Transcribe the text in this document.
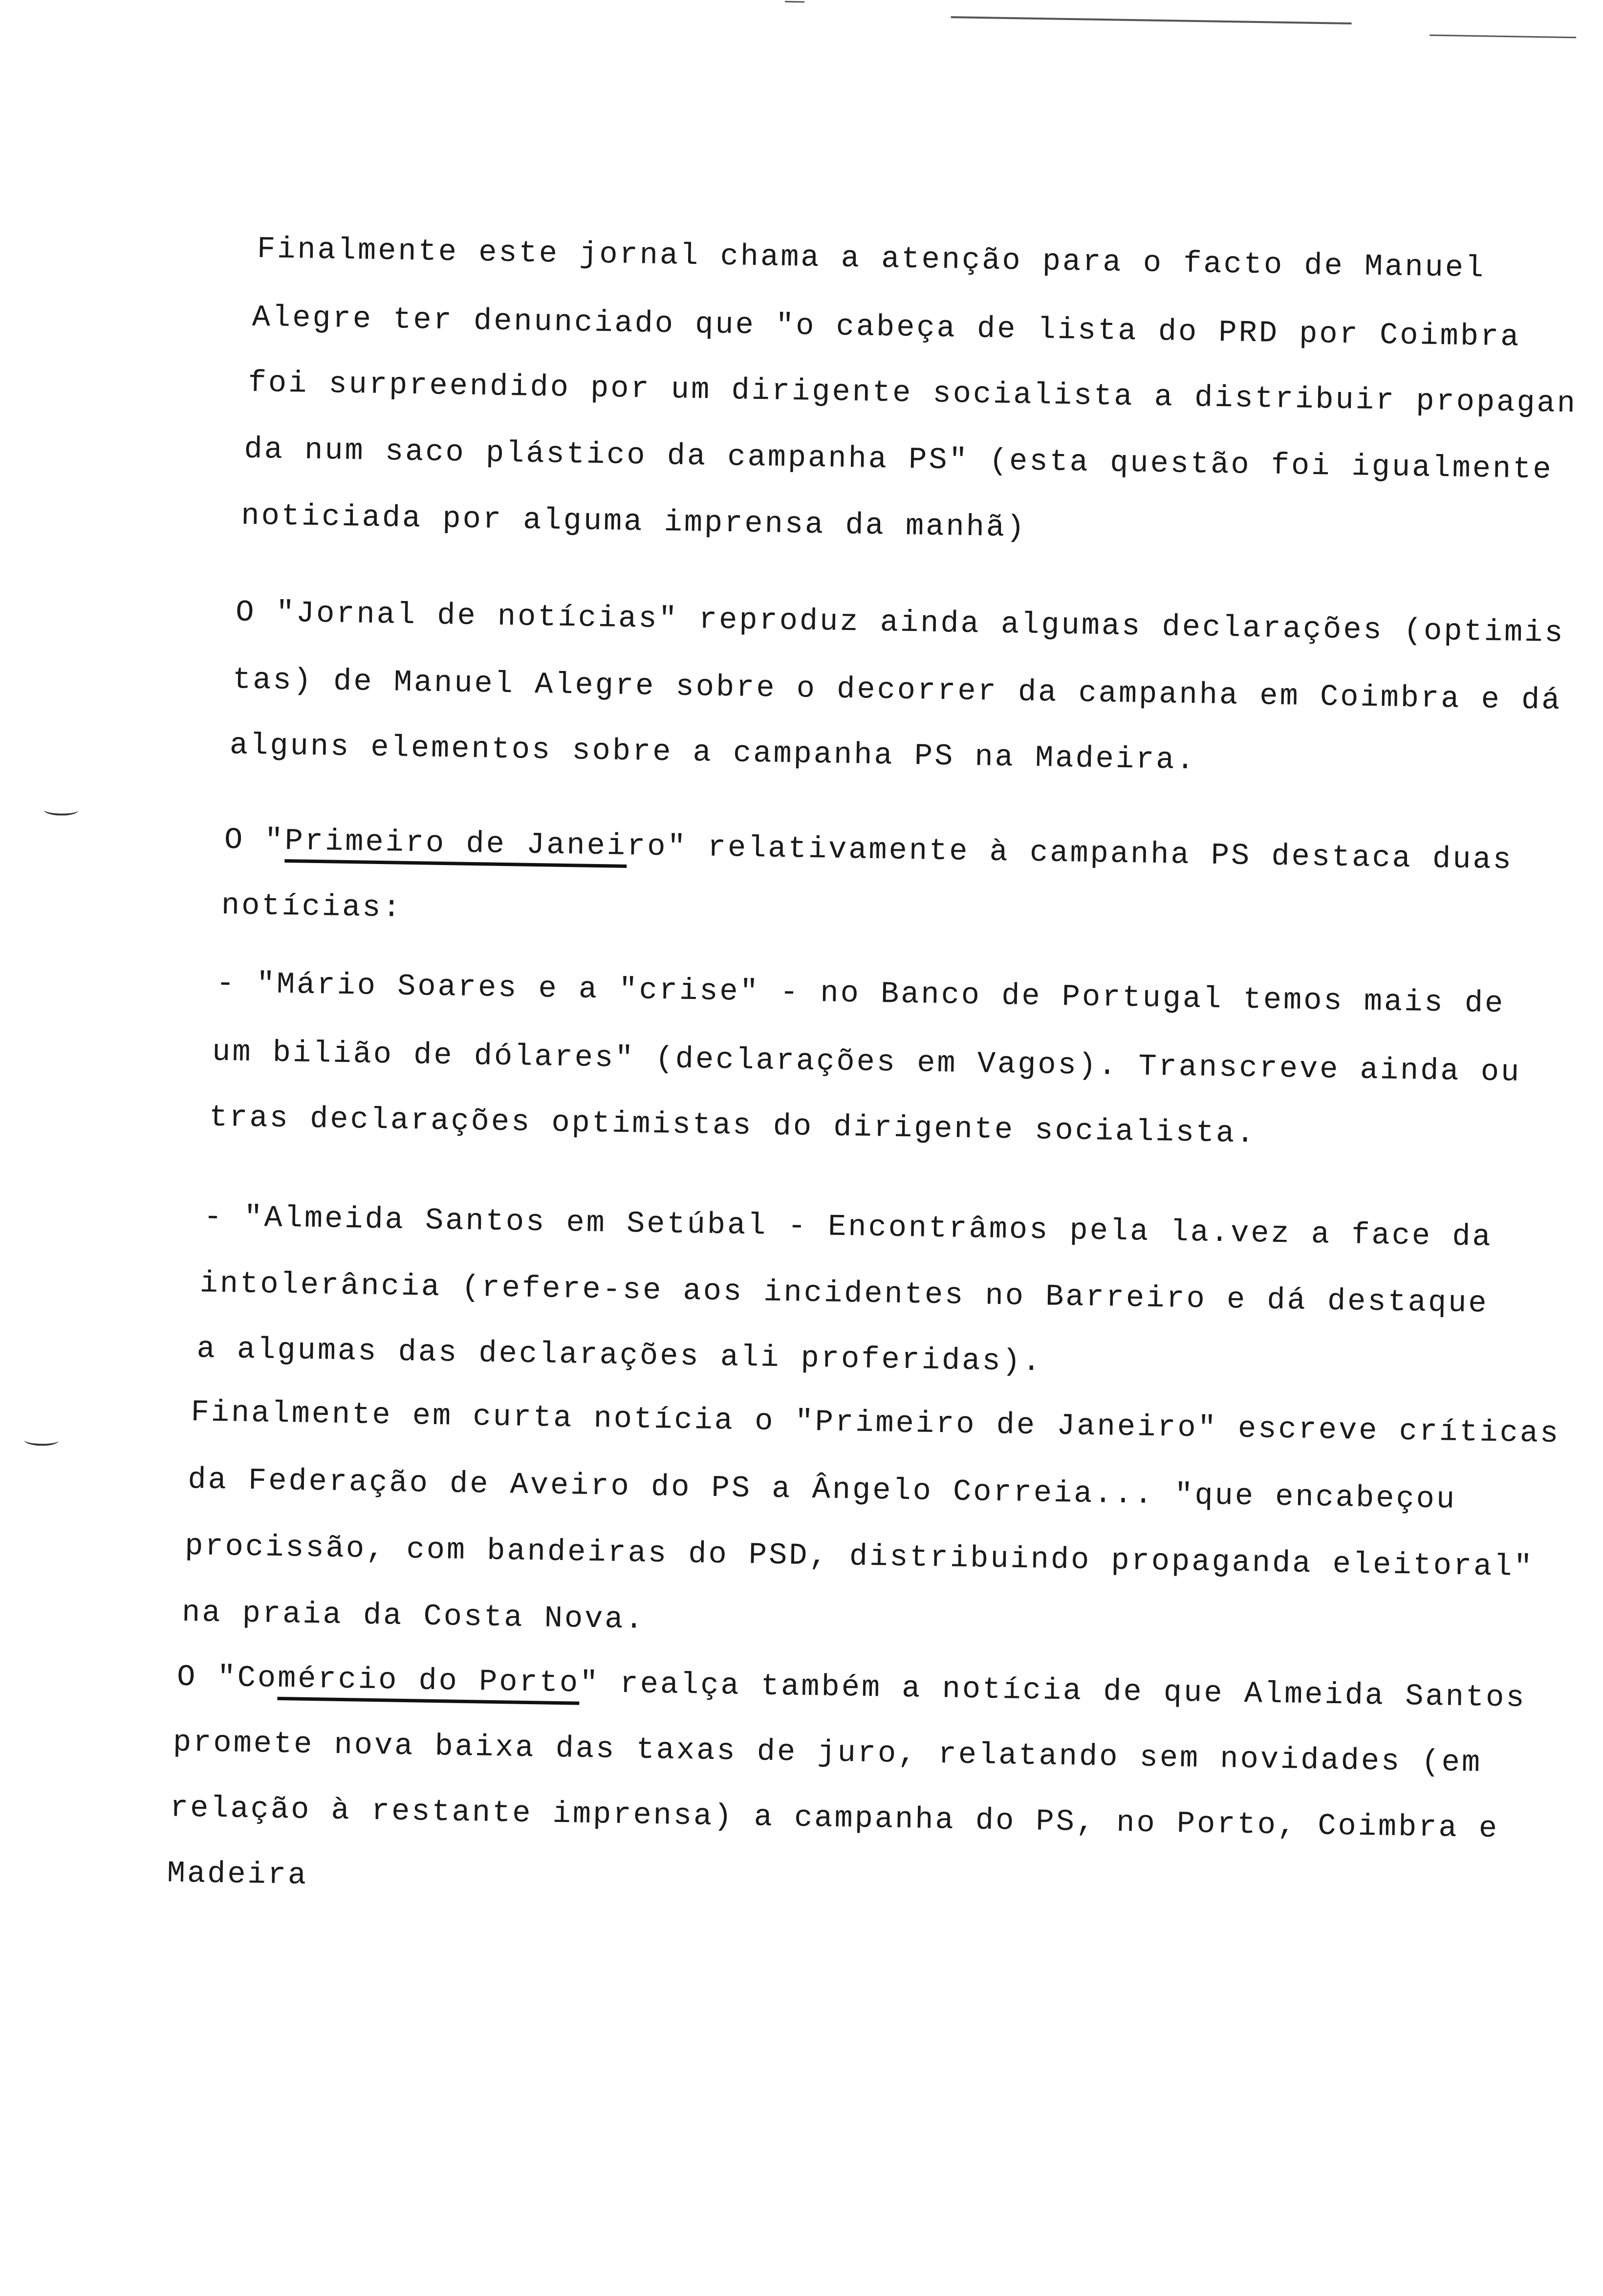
Finalmente este jornal chama a atenção para o facto de Manuel
Alegre ter denunciado que "o cabeça de lista do PRD por Coimbra
foi surpreendido por um dirigente socialista a distribuir propagan
da num saco plástico da campanha PS" (esta questão foi igualmente
noticiada por alguma imprensa da manhã)
O "Jornal de notícias" reproduz ainda algumas declarações (optimis
tas) de Manuel Alegre sobre o decorrer da campanha em Coimbra e dá
alguns elementos sobre a campanha PS na Madeira.
O "Primeiro de Janeiro" relativamente à campanha PS destaca duas
notícias:
- "Mário Soares e a "crise" - no Banco de Portugal temos mais de
um bilião de dólares" (declarações em Vagos). Transcreve ainda ou
tras declarações optimistas do dirigente socialista.
- "Almeida Santos em Setúbal - Encontrâmos pela la.vez a face da
intolerância (refere-se aos incidentes no Barreiro e dá destaque
a algumas das declarações ali proferidas).
Finalmente em curta notícia o "Primeiro de Janeiro" escreve críticas
da Federação de Aveiro do PS a Ângelo Correia... "que encabeçou
procissão, com bandeiras do PSD, distribuindo propaganda eleitoral"
na praia da Costa Nova.
O "Comércio do Porto" realça também a notícia de que Almeida Santos
promete nova baixa das taxas de juro, relatando sem novidades (em
relação à restante imprensa) a campanha do PS, no Porto, Coimbra e
Madeira
